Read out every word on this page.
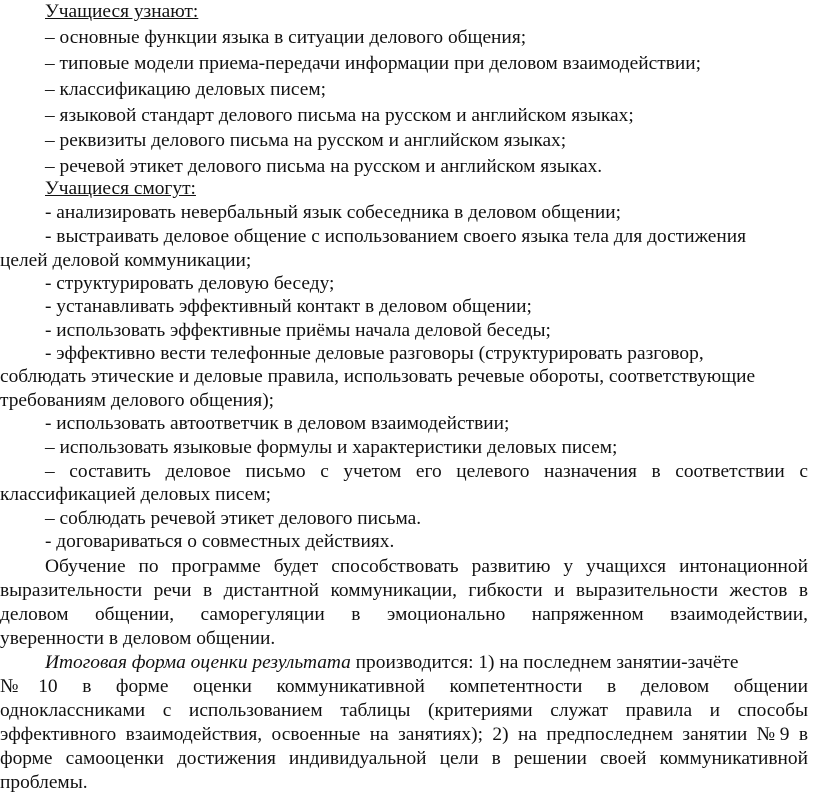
Учащиеся узнают:
– основные функции языка в ситуации делового общения;
– типовые модели приема-передачи информации при деловом взаимодействии;
– классификацию деловых писем;
– языковой стандарт делового письма на русском и английском языках;
– реквизиты делового письма на русском и английском языках;
– речевой этикет делового письма на русском и английском языках.
Учащиеся смогут:
- анализировать невербальный язык собеседника в деловом общении;
- выстраивать деловое общение с использованием своего языка тела для достижения
целей деловой коммуникации;
- структурировать деловую беседу;
- устанавливать эффективный контакт в деловом общении;
- использовать эффективные приёмы начала деловой беседы;
- эффективно вести телефонные деловые разговоры (структурировать разговор,
соблюдать этические и деловые правила, использовать речевые обороты, соответствующие
требованиям делового общения);
- использовать автоответчик в деловом взаимодействии;
– использовать языковые формулы и характеристики деловых писем;
– составить деловое письмо с учетом его целевого назначения в соответствии с
классификацией деловых писем;
– соблюдать речевой этикет делового письма.
- договариваться о совместных действиях.
Обучение по программе будет способствовать развитию у учащихся интонационной
выразительности речи в дистантной коммуникации, гибкости и выразительности жестов в
деловом общении, саморегуляции в эмоционально напряженном взаимодействии,
уверенности в деловом общении.
Итоговая форма оценки результата производится: 1) на последнем занятии-зачёте
№10 в форме оценки коммуникативной компетентности в деловом общении
одноклассниками с использованием таблицы (критериями служат правила и способы
эффективного взаимодействия, освоенные на занятиях); 2) на предпоследнем занятии №9 в
форме самооценки достижения индивидуальной цели в решении своей коммуникативной
проблемы.
